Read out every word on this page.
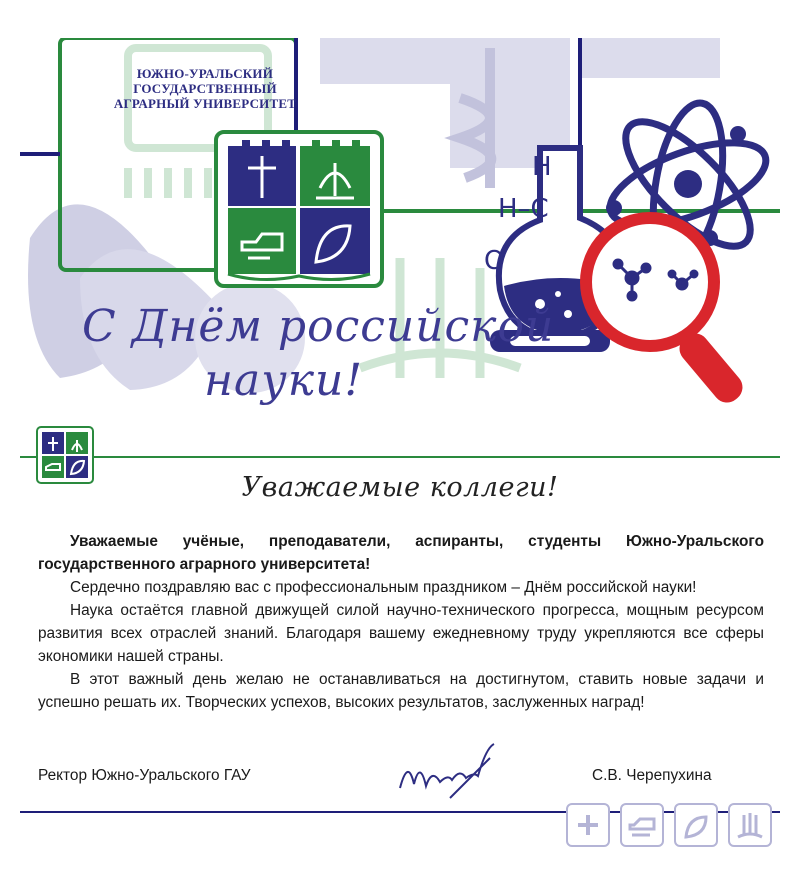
ЮЖНО-УРАЛЬСКИЙ
ГОСУДАРСТВЕННЫЙ
АГРАРНЫЙ УНИВЕРСИТЕТ
H
H–C
O
С Днём российской
науки!
Уважаемые коллеги!

Уважаемые учёные, преподаватели, аспиранты, студенты Южно-Уральского государственного аграрного университета!

Сердечно поздравляю вас с профессиональным праздником – Днём российской науки!

Наука остаётся главной движущей силой научно-технического прогресса, мощным ресурсом развития всех отраслей знаний. Благодаря вашему ежедневному труду укрепляются все сферы экономики нашей страны.

В этот важный день желаю не останавливаться на достигнутом, ставить новые задачи и успешно решать их. Творческих успехов, высоких результатов, заслуженных наград!

Ректор Южно-Уральского ГАУ	С.В. Черепухина
